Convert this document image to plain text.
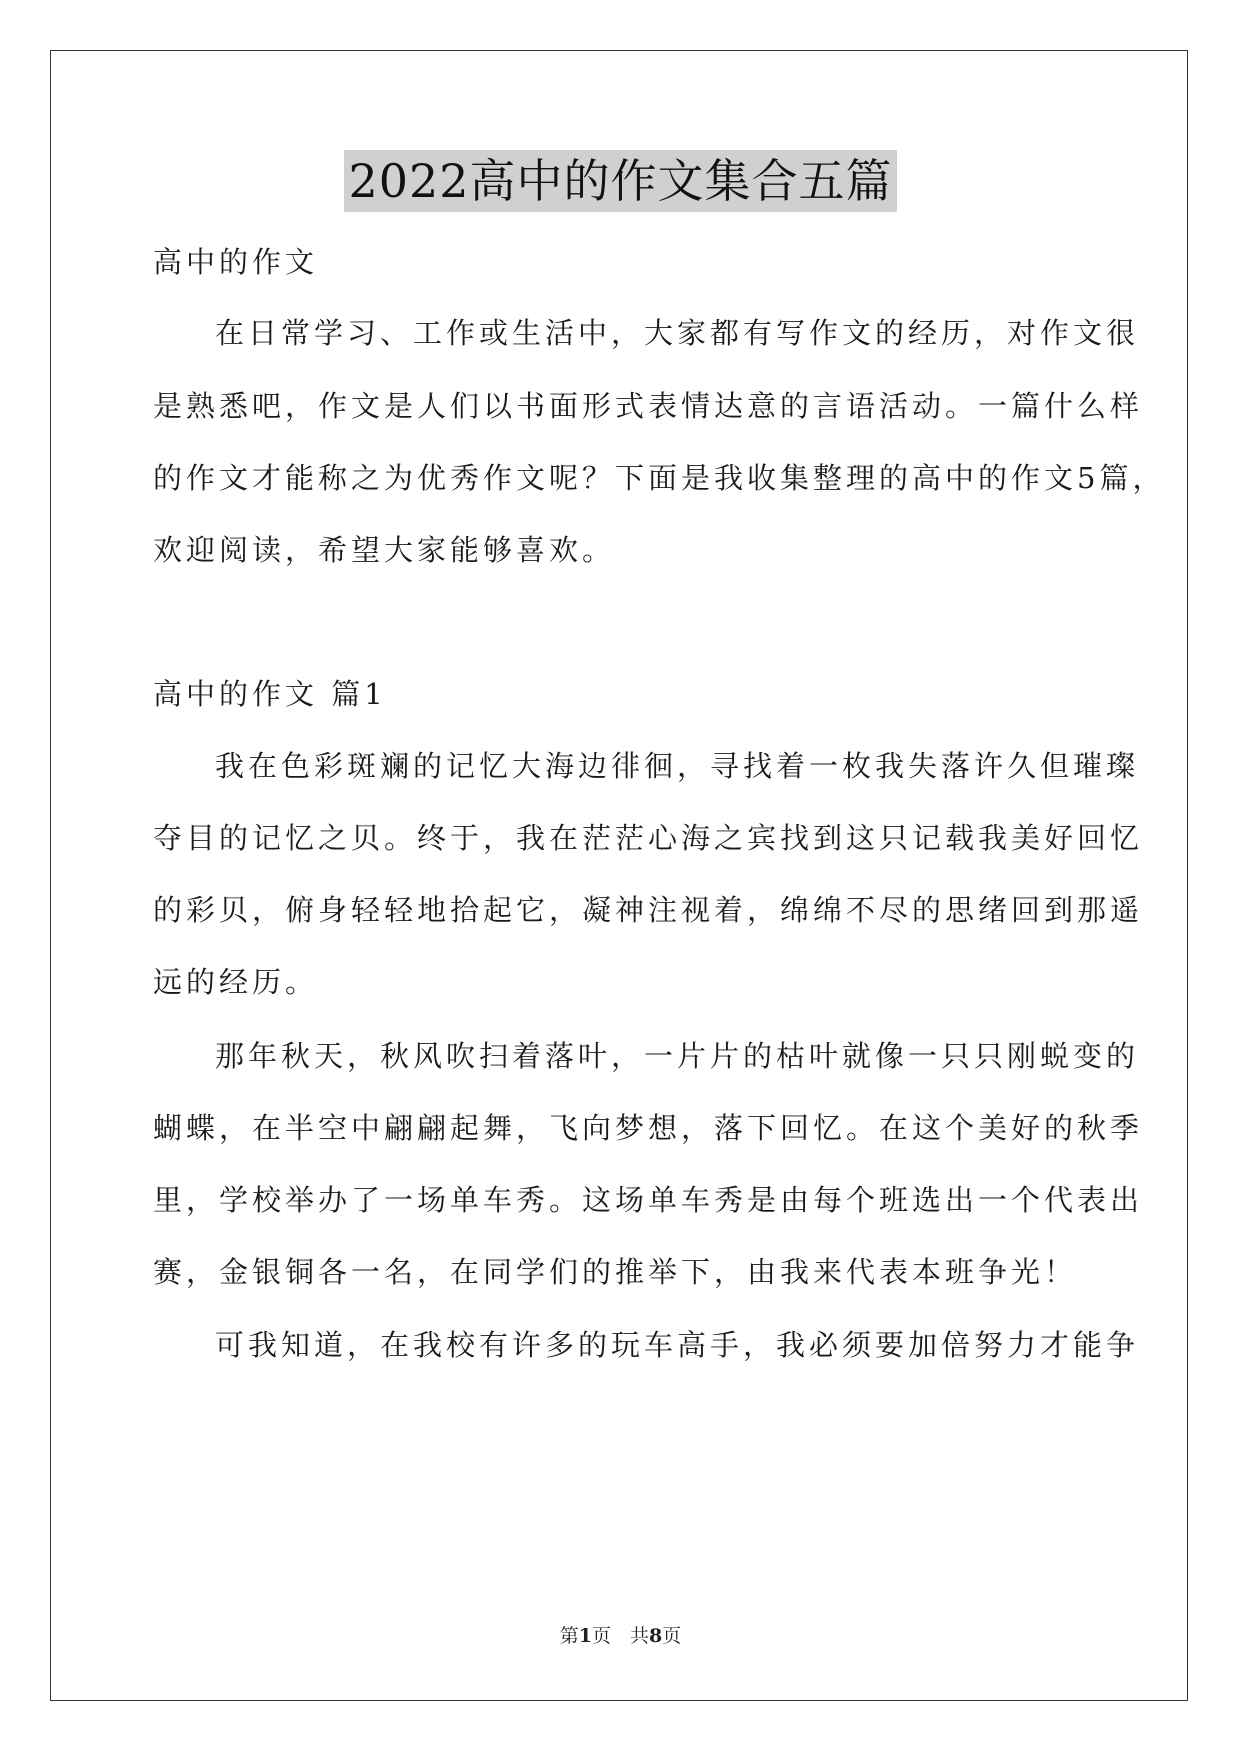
2022高中的作文集合五篇
高中的作文
在日常学习、工作或生活中，大家都有写作文的经历，对作文很
是熟悉吧，作文是人们以书面形式表情达意的言语活动。一篇什么样
的作文才能称之为优秀作文呢？下面是我收集整理的高中的作文5篇，
欢迎阅读，希望大家能够喜欢。
高中的作文 篇1
我在色彩斑斓的记忆大海边徘徊，寻找着一枚我失落许久但璀璨
夺目的记忆之贝。终于，我在茫茫心海之宾找到这只记载我美好回忆
的彩贝，俯身轻轻地拾起它，凝神注视着，绵绵不尽的思绪回到那遥
远的经历。
那年秋天，秋风吹扫着落叶，一片片的枯叶就像一只只刚蜕变的
蝴蝶，在半空中翩翩起舞，飞向梦想，落下回忆。在这个美好的秋季
里，学校举办了一场单车秀。这场单车秀是由每个班选出一个代表出
赛，金银铜各一名，在同学们的推举下，由我来代表本班争光！
可我知道，在我校有许多的玩车高手，我必须要加倍努力才能争
第1页　共8页
